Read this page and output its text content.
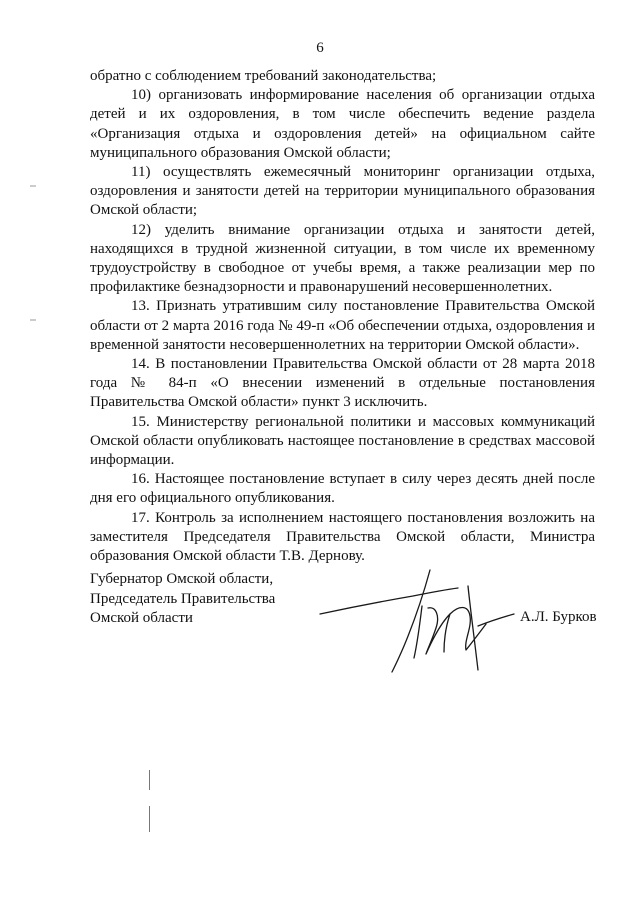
6

обратно с соблюдением требований законодательства;

10) организовать информирование населения об организации отдыха детей и их оздоровления, в том числе обеспечить ведение раздела «Организация отдыха и оздоровления детей» на официальном сайте муниципального образования Омской области;

11) осуществлять ежемесячный мониторинг организации отдыха, оздоровления и занятости детей на территории муниципального образования Омской области;

12) уделить внимание организации отдыха и занятости детей, находящихся в трудной жизненной ситуации, в том числе их временному трудоустройству в свободное от учебы время, а также реализации мер по профилактике безнадзорности и правонарушений несовершеннолетних.

13. Признать утратившим силу постановление Правительства Омской области от 2 марта 2016 года № 49-п «Об обеспечении отдыха, оздоровления и временной занятости несовершеннолетних на территории Омской области».

14. В постановлении Правительства Омской области от 28 марта 2018 года № 84-п «О внесении изменений в отдельные постановления Правительства Омской области» пункт 3 исключить.

15. Министерству региональной политики и массовых коммуникаций Омской области опубликовать настоящее постановление в средствах массовой информации.

16. Настоящее постановление вступает в силу через десять дней после дня его официального опубликования.

17. Контроль за исполнением настоящего постановления возложить на заместителя Председателя Правительства Омской области, Министра образования Омской области Т.В. Дернову.

Губернатор Омской области,
Председатель Правительства
Омской области	А.Л. Бурков
